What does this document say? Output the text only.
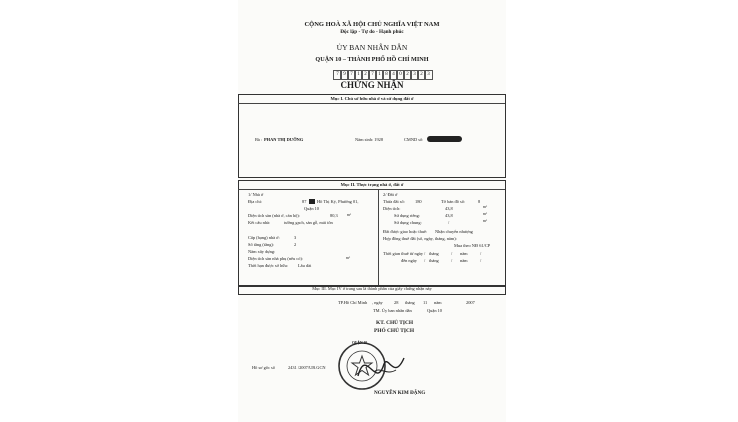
CỘNG HOÀ XÃ HỘI CHỦ NGHĨA VIỆT NAM
Độc lập - Tự do - Hạnh phúc
ỦY BAN NHÂN DÂN
QUẬN 10 – THÀNH PHỐ HỒ CHÍ MINH
7 9 7 1 2 7 1 8 4 0 2 3 2 3
CHỨNG NHẬN
Mục I. Chủ sở hữu nhà ở và sử dụng đất ở
Bà : PHAN THỊ DƯỠNG	Năm sinh: 1928	CMND số:
Mục II. Thực trạng nhà ở, đất ở
1/ Nhà ở
Địa chỉ:	87 Hồ Thị Kỷ, Phường 01,
Quận 10
Diện tích sàn (nhà ở, căn hộ):	80,3 m²
Kết cấu nhà:	tường gạch, sàn gỗ, mái tôn
Cấp (hạng) nhà ở:	3
Số tầng (tầng):	2
Năm xây dựng:
Diện tích sàn nhà phụ (nếu có):	m²
Thời hạn được sở hữu: Lâu dài
2/ Đất ở
Thửa đất số: 180	Tờ bản đồ số:	8
Diện tích:	43,8	m²
Sử dụng riêng:	43,8	m²
Sử dụng chung:	/	m²
Đất được giao hoặc thuê: Nhận chuyển nhượng
Hợp đồng thuê đất (số, ngày, tháng, năm):
Mua theo NĐ 61/CP
Thời gian thuê từ ngày / tháng	/ năm	/
đến ngày / tháng	/ năm	/
Mục III. Mục IV ở trang sau là thành phần của giấy chứng nhận này
TP.Hồ Chí Minh , ngày	28 tháng 11 năm	2007
TM. Ủy ban nhân dân	Quận 10
KT. CHỦ TỊCH
PHÓ CHỦ TỊCH
QUẬN 10
NGUYỄN KIM ĐẶNG
Hồ sơ gốc số	2431 /2007/UB.GCN
